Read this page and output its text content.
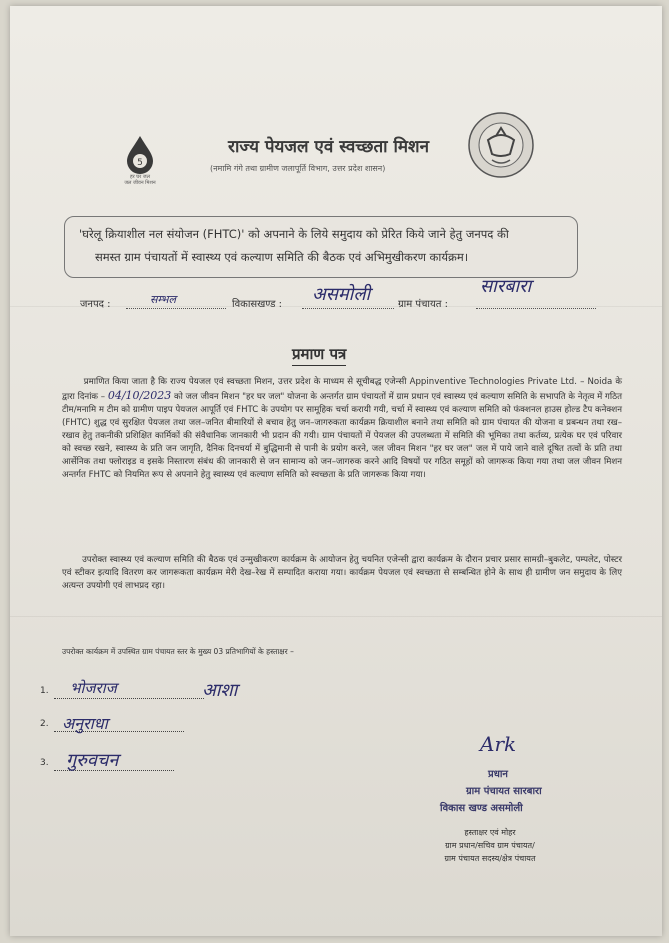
5
हर घर जल
जल जीवन मिशन
राज्य पेयजल एवं स्वच्छता मिशन
(नमामि गंगे तथा ग्रामीण जलापूर्ति विभाग, उत्तर प्रदेश शासन)
'घरेलू क्रियाशील नल संयोजन (FHTC)' को अपनाने के लिये समुदाय को प्रेरित किये जाने हेतु जनपद की
समस्त ग्राम पंचायतों में स्वास्थ्य एवं कल्याण समिति की बैठक एवं अभिमुखीकरण कार्यक्रम।
जनपद :	सम्भल	विकासखण्ड : असमोली	ग्राम पंचायत :
सारबारा
प्रमाण पत्र

प्रमाणित किया जाता है कि राज्य पेयजल एवं स्वच्छता मिशन, उत्तर प्रदेश के माध्यम से सूचीबद्ध एजेन्सी Appinventive Technologies Private Ltd. – Noida के द्वारा दिनांक – 04/10/2023 को जल जीवन मिशन "हर घर जल" योजना के अन्तर्गत ग्राम पंचायतों में ग्राम प्रधान एवं स्वास्थ्य एवं कल्याण समिति के सभापति के नेतृत्व में गठित टीम/मनामि म टीम को ग्रामीण पाइप पेयजल आपूर्ति एवं FHTC के उपयोग पर सामूहिक चर्चा करायी गयी, चर्चा में स्वास्थ्य एवं कल्याण समिति को फंक्शनल हाउस होल्ड टैप कनेक्शन (FHTC) शुद्ध एवं सुरक्षित पेयजल तथा जल–जनित बीमारियों से बचाव हेतु जन–जागरुकता कार्यक्रम क्रियाशील बनाने तथा समिति को ग्राम पंचायत की योजना व प्रबन्धन तथा रख–रखाव हेतु तकनीकी प्रशिक्षित कार्मिकों की संवैधानिक जानकारी भी प्रदान की गयी। ग्राम पंचायतों में पेयजल की उपलब्धता में समिति की भूमिका तथा कर्तव्य, प्रत्येक घर एवं परिवार को स्वच्छ रखने, स्वास्थ्य के प्रति जन जागृति, दैनिक दिनचर्या में बुद्धिमानी से पानी के प्रयोग करने, जल जीवन मिशन "हर घर जल" जल में पाये जाने वाले दूषित तत्वों के प्रति तथा आर्सेनिक तथा फ्लोराइड व इसके निस्तारण संबंध की जानकारी से जन सामान्य को जन–जागरुक करने आदि विषयों पर गठित समूहों को जागरूक किया गया तथा जल जीवन मिशन अन्तर्गत FHTC को नियमित रूप से अपनाने हेतु स्वास्थ्य एवं कल्याण समिति को स्वच्छता के प्रति जागरूक किया गया।

उपरोक्त स्वास्थ्य एवं कल्याण समिति की बैठक एवं उन्मुखीकरण कार्यक्रम के आयोजन हेतु चयनित एजेन्सी द्वारा कार्यक्रम के दौरान प्रचार प्रसार सामग्री–बुकलेट, पम्पलेट, पोस्टर एवं स्टीकर इत्यादि वितरण कर जागरूकता कार्यक्रम मेरी देख–रेख में सम्पादित कराया गया। कार्यक्रम पेयजल एवं स्वच्छता से सम्बन्धित होने के साथ ही ग्रामीण जन समुदाय के लिए अत्यन्त उपयोगी एवं लाभप्रद रहा।

उपरोक्त कार्यक्रम में उपस्थित ग्राम पंचायत स्तर के मुख्य 03 प्रतिभागियों के हस्ताक्षर –
1. भोजराज	आशा
2. अनुराधा
3. गुरुवचन
Ark
प्रधान
ग्राम पंचायत सारबारा
विकास खण्ड असमोली
हस्ताक्षर एवं मोहर
ग्राम प्रधान/सचिव ग्राम पंचायत/
ग्राम पंचायत सदस्य/क्षेत्र पंचायत
